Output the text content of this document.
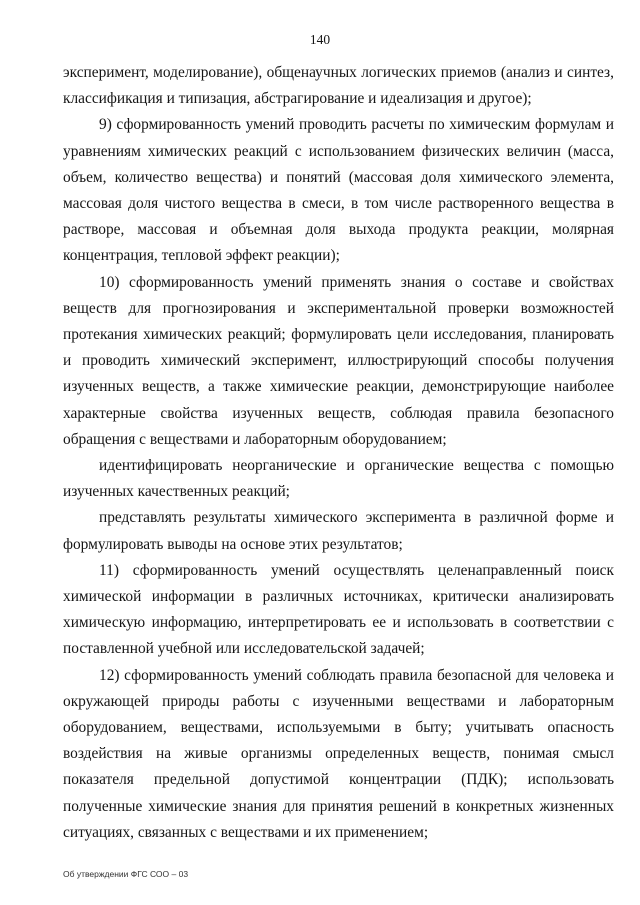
140

эксперимент, моделирование), общенаучных логических приемов (анализ и синтез, классификация и типизация, абстрагирование и идеализация и другое);

9) сформированность умений проводить расчеты по химическим формулам и уравнениям химических реакций с использованием физических величин (масса, объем, количество вещества) и понятий (массовая доля химического элемента, массовая доля чистого вещества в смеси, в том числе растворенного вещества в растворе, массовая и объемная доля выхода продукта реакции, молярная концентрация, тепловой эффект реакции);

10) сформированность умений применять знания о составе и свойствах веществ для прогнозирования и экспериментальной проверки возможностей протекания химических реакций; формулировать цели исследования, планировать и проводить химический эксперимент, иллюстрирующий способы получения изученных веществ, а также химические реакции, демонстрирующие наиболее характерные свойства изученных веществ, соблюдая правила безопасного обращения с веществами и лабораторным оборудованием;

идентифицировать неорганические и органические вещества с помощью изученных качественных реакций;

представлять результаты химического эксперимента в различной форме и формулировать выводы на основе этих результатов;

11) сформированность умений осуществлять целенаправленный поиск химической информации в различных источниках, критически анализировать химическую информацию, интерпретировать ее и использовать в соответствии с поставленной учебной или исследовательской задачей;

12) сформированность умений соблюдать правила безопасной для человека и окружающей природы работы с изученными веществами и лабораторным оборудованием, веществами, используемыми в быту; учитывать опасность воздействия на живые организмы определенных веществ, понимая смысл показателя предельной допустимой концентрации (ПДК); использовать полученные химические знания для принятия решений в конкретных жизненных ситуациях, связанных с веществами и их применением;

Об утверждении ФГС СОО – 03
